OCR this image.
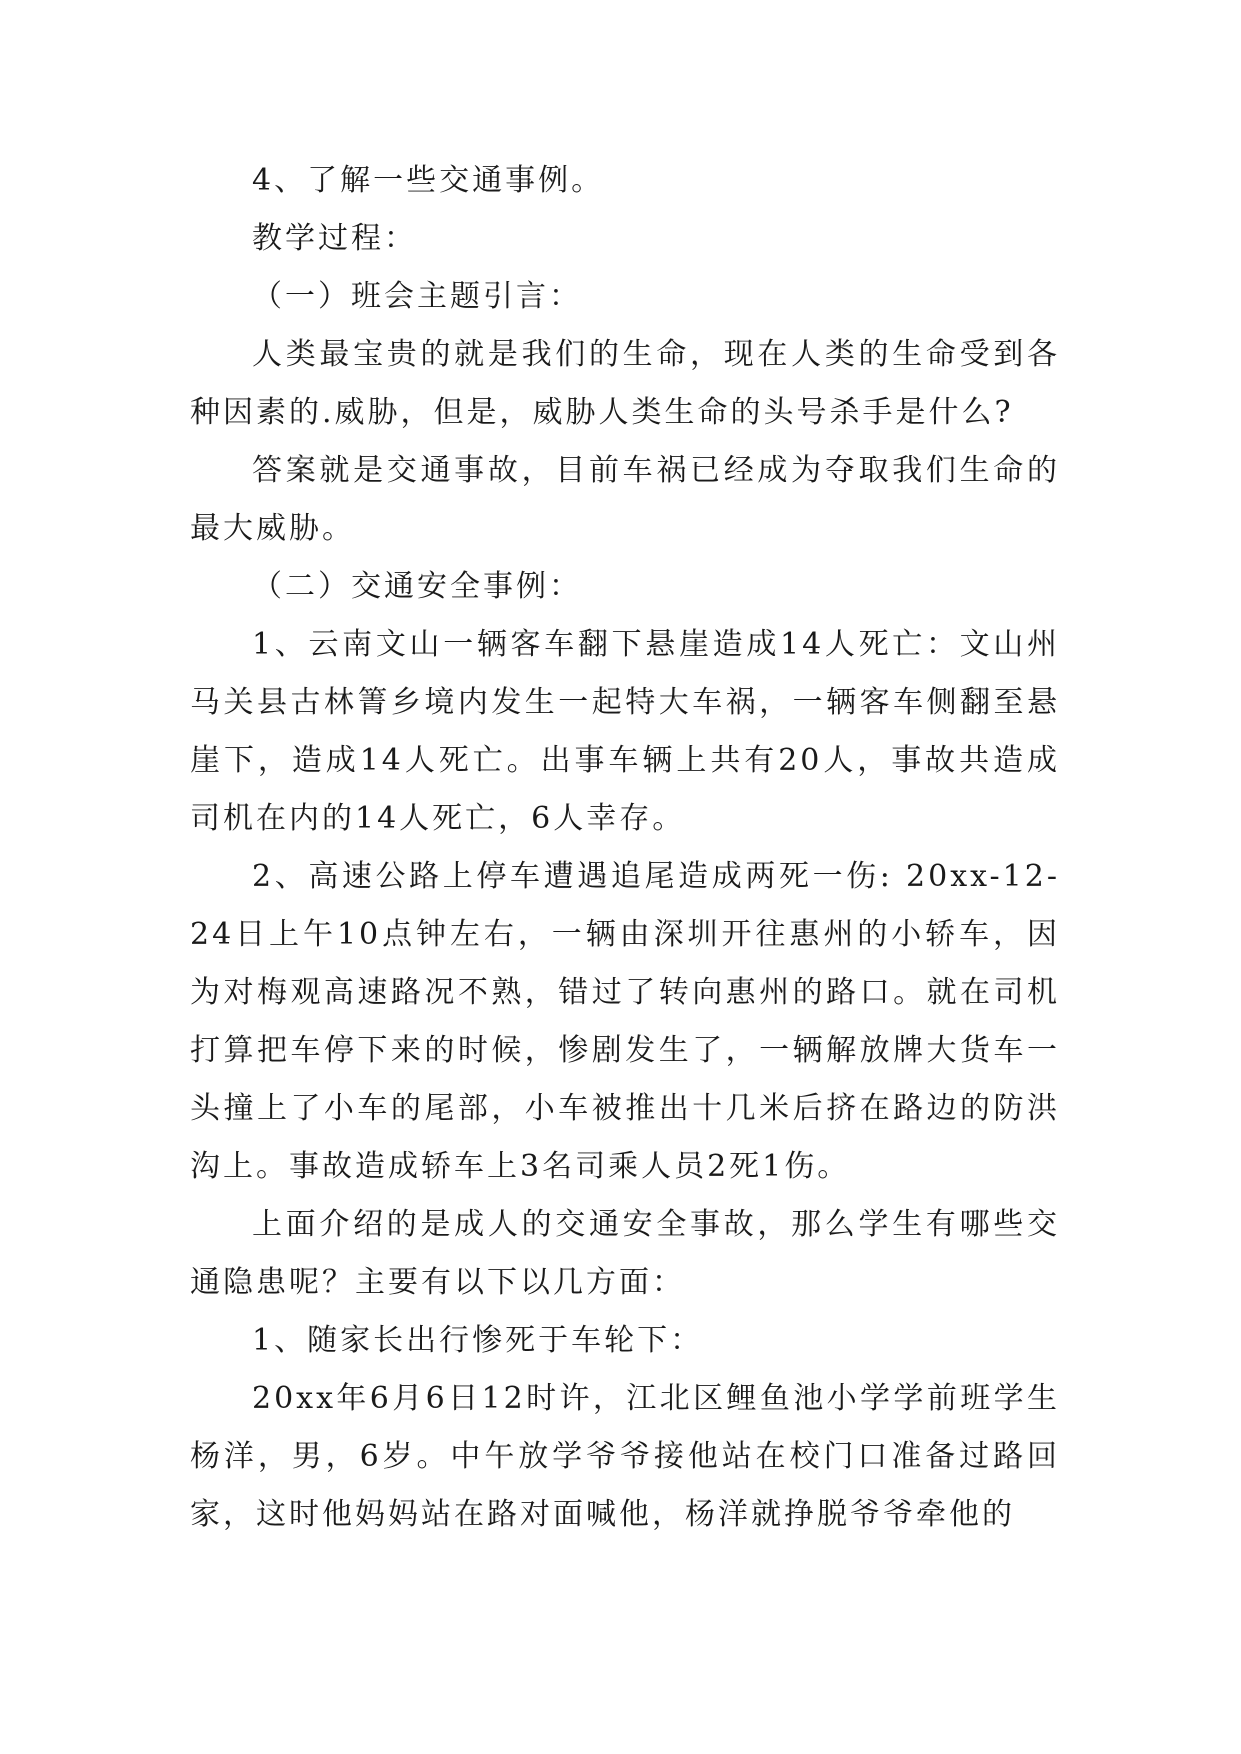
4、了解一些交通事例。

教学过程：

（一）班会主题引言：

人类最宝贵的就是我们的生命，现在人类的生命受到各种因素的.威胁，但是，威胁人类生命的头号杀手是什么?

答案就是交通事故，目前车祸已经成为夺取我们生命的最大威胁。

（二）交通安全事例：

1、云南文山一辆客车翻下悬崖造成14人死亡：文山州马关县古林箐乡境内发生一起特大车祸，一辆客车侧翻至悬崖下，造成14人死亡。出事车辆上共有20人，事故共造成司机在内的14人死亡，6人幸存。

2、高速公路上停车遭遇追尾造成两死一伤: 20xx-12-24日上午10点钟左右，一辆由深圳开往惠州的小轿车，因为对梅观高速路况不熟，错过了转向惠州的路口。就在司机打算把车停下来的时候，惨剧发生了，一辆解放牌大货车一头撞上了小车的尾部，小车被推出十几米后挤在路边的防洪沟上。事故造成轿车上3名司乘人员2死1伤。

上面介绍的是成人的交通安全事故，那么学生有哪些交通隐患呢？主要有以下以几方面：

1、随家长出行惨死于车轮下：

20xx年6月6日12时许，江北区鲤鱼池小学学前班学生杨洋，男，6岁。中午放学爷爷接他站在校门口准备过路回家，这时他妈妈站在路对面喊他，杨洋就挣脱爷爷牵他的
